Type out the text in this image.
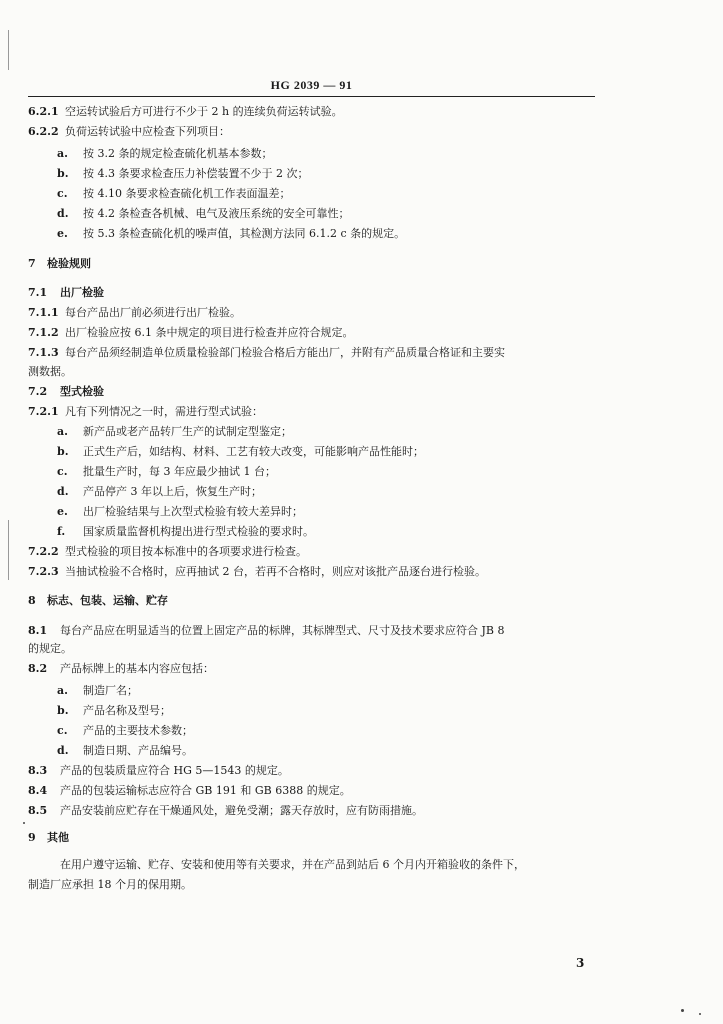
HG 2039 — 91
6.2.1 空运转试验后方可进行不少于 2 h 的连续负荷运转试验。
6.2.2 负荷运转试验中应检查下列项目：
a. 按 3.2 条的规定检查硫化机基本参数；
b. 按 4.3 条要求检查压力补偿装置不少于 2 次；
c. 按 4.10 条要求检查硫化机工作表面温差；
d. 按 4.2 条检查各机械、电气及液压系统的安全可靠性；
e. 按 5.3 条检查硫化机的噪声值，其检测方法同 6.1.2 c 条的规定。
7 检验规则
7.1 出厂检验
7.1.1 每台产品出厂前必须进行出厂检验。
7.1.2 出厂检验应按 6.1 条中规定的项目进行检查并应符合规定。
7.1.3 每台产品须经制造单位质量检验部门检验合格后方能出厂，并附有产品质量合格证和主要实
测数据。
7.2 型式检验
7.2.1 凡有下列情况之一时，需进行型式试验：
a. 新产品或老产品转厂生产的试制定型鉴定；
b. 正式生产后，如结构、材料、工艺有较大改变，可能影响产品性能时；
c. 批量生产时，每 3 年应最少抽试 1 台；
d. 产品停产 3 年以上后，恢复生产时；
e. 出厂检验结果与上次型式检验有较大差异时；
f. 国家质量监督机构提出进行型式检验的要求时。
7.2.2 型式检验的项目按本标准中的各项要求进行检查。
7.2.3 当抽试检验不合格时，应再抽试 2 台，若再不合格时，则应对该批产品逐台进行检验。
8 标志、包装、运输、贮存
8.1 每台产品应在明显适当的位置上固定产品的标牌，其标牌型式、尺寸及技术要求应符合 JB 8
的规定。
8.2 产品标牌上的基本内容应包括：
a. 制造厂名；
b. 产品名称及型号；
c. 产品的主要技术参数；
d. 制造日期、产品编号。
8.3 产品的包装质量应符合 HG 5—1543 的规定。
8.4 产品的包装运输标志应符合 GB 191 和 GB 6388 的规定。
8.5 产品安装前应贮存在干燥通风处，避免受潮；露天存放时，应有防雨措施。
9 其他
在用户遵守运输、贮存、安装和使用等有关要求，并在产品到站后 6 个月内开箱验收的条件下，
制造厂应承担 18 个月的保用期。
3
